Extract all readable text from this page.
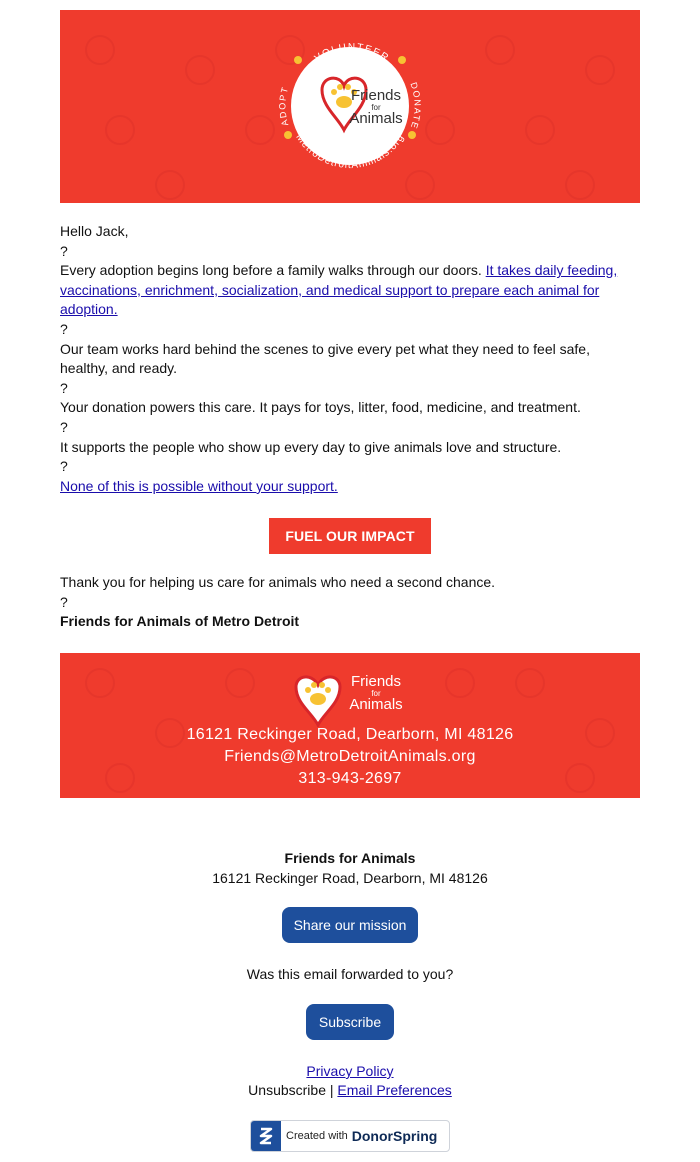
VOLUNTEER
MetroDetroitAnimals.org
ADOPT	DONATE
Friends
for
Animals

Hello Jack,

?

Every adoption begins long before a family walks through our doors. It takes daily feeding, vaccinations, enrichment, socialization, and medical support to prepare each animal for adoption.

?

Our team works hard behind the scenes to give every pet what they need to feel safe, healthy, and ready.

?

Your donation powers this care. It pays for toys, litter, food, medicine, and treatment.

?

It supports the people who show up every day to give animals love and structure.

?

None of this is possible without your support.

FUEL OUR IMPACT

Thank you for helping us care for animals who need a second chance.

?

Friends for Animals of Metro Detroit

Friends
for
Animals
16121 Reckinger Road, Dearborn, MI 48126
Friends@MetroDetroitAnimals.org
313-943-2697
Friends for Animals
16121 Reckinger Road, Dearborn, MI 48126
Share our mission
Was this email forwarded to you?
Subscribe
Privacy Policy
Unsubscribe | Email Preferences
Created with DonorSpring
